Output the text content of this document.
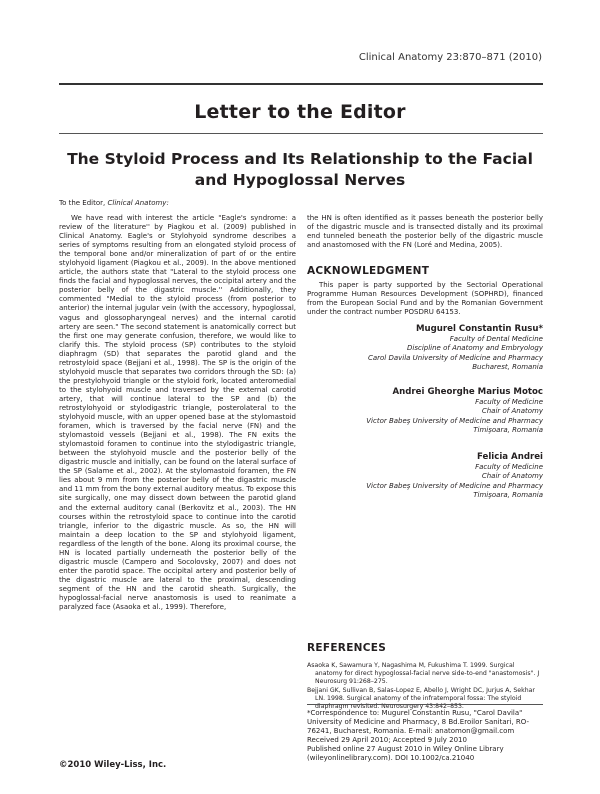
Clinical Anatomy 23:870–871 (2010)
Letter to the Editor
The Styloid Process and Its Relationship to the Facial
and Hypoglossal Nerves
To the Editor, Clinical Anatomy:

We have read with interest the article "Eagle's syndrome: a review of the literature'' by Piagkou et al. (2009) published in Clinical Anatomy. Eagle's or Stylohyoid syndrome describes a series of symptoms resulting from an elongated styloid process of the temporal bone and/or mineralization of part of or the entire stylohyoid ligament (Piagkou et al., 2009). In the above mentioned article, the authors state that "Lateral to the styloid process one finds the facial and hypoglossal nerves, the occipital artery and the posterior belly of the digastric muscle.'' Additionally, they commented "Medial to the styloid process (from posterior to anterior) the internal jugular vein (with the accessory, hypoglossal, vagus and glossopharyngeal nerves) and the internal carotid artery are seen." The second statement is anatomically correct but the first one may generate confusion, therefore, we would like to clarify this. The styloid process (SP) contributes to the styloid diaphragm (SD) that separates the parotid gland and the retrostyloid space (Bejjani et al., 1998). The SP is the origin of the stylohyoid muscle that separates two corridors through the SD: (a) the prestylohyoid triangle or the styloid fork, located anteromedial to the stylohyoid muscle and traversed by the external carotid artery, that will continue lateral to the SP and (b) the retrostylohyoid or stylodigastric triangle, posterolateral to the stylohyoid muscle, with an upper opened base at the stylomastoid foramen, which is traversed by the facial nerve (FN) and the stylomastoid vessels (Bejjani et al., 1998). The FN exits the stylomastoid foramen to continue into the stylodigastric triangle, between the stylohyoid muscle and the posterior belly of the digastric muscle and initially, can be found on the lateral surface of the SP (Salame et al., 2002). At the stylomastoid foramen, the FN lies about 9 mm from the posterior belly of the digastric muscle and 11 mm from the bony external auditory meatus. To expose this site surgically, one may dissect down between the parotid gland and the external auditory canal (Berkovitz et al., 2003). The HN courses within the retrostyloid space to continue into the carotid triangle, inferior to the digastric muscle. As so, the HN will maintain a deep location to the SP and stylohyoid ligament, regardless of the length of the bone. Along its proximal course, the HN is located partially underneath the posterior belly of the digastric muscle (Campero and Socolovsky, 2007) and does not enter the parotid space. The occipital artery and posterior belly of the digastric muscle are lateral to the proximal, descending segment of the HN and the carotid sheath. Surgically, the hypoglossal-facial nerve anastomosis is used to reanimate a paralyzed face (Asaoka et al., 1999). Therefore,

the HN is often identified as it passes beneath the posterior belly of the digastric muscle and is transected distally and its proximal end tunneled beneath the posterior belly of the digastric muscle and anastomosed with the FN (Loré and Medina, 2005).

ACKNOWLEDGMENT

This paper is party supported by the Sectorial Operational Programme Human Resources Development (SOPHRD), financed from the European Social Fund and by the Romanian Government under the contract number POSDRU 64153.

Mugurel Constantin Rusu*
Faculty of Dental Medicine
Discipline of Anatomy and Embryology
Carol Davila University of Medicine and Pharmacy
Bucharest, Romania
Andrei Gheorghe Marius Motoc
Faculty of Medicine
Chair of Anatomy
Victor Babeş University of Medicine and Pharmacy
Timişoara, Romania
Felicia Andrei
Faculty of Medicine
Chair of Anatomy
Victor Babeş University of Medicine and Pharmacy
Timişoara, Romania
REFERENCES

Asaoka K, Sawamura Y, Nagashima M, Fukushima T. 1999. Surgical anatomy for direct hypoglossal-facial nerve side-to-end "anastomosis". J Neurosurg 91:268–275.

Bejjani GK, Sullivan B, Salas-Lopez E, Abello J, Wright DC, Jurjus A, Sekhar LN. 1998. Surgical anatomy of the infratemporal fossa: The styloid diaphragm revisited. Neurosurgery 43:842–853.

*Correspondence to: Mugurel Constantin Rusu, "Carol Davila" University of Medicine and Pharmacy, 8 Bd.Eroilor Sanitari, RO-76241, Bucharest, Romania. E-mail: anatomon@gmail.com

Received 29 April 2010; Accepted 9 July 2010

Published online 27 August 2010 in Wiley Online Library (wileyonlinelibrary.com). DOI 10.1002/ca.21040

©2010 Wiley-Liss, Inc.
